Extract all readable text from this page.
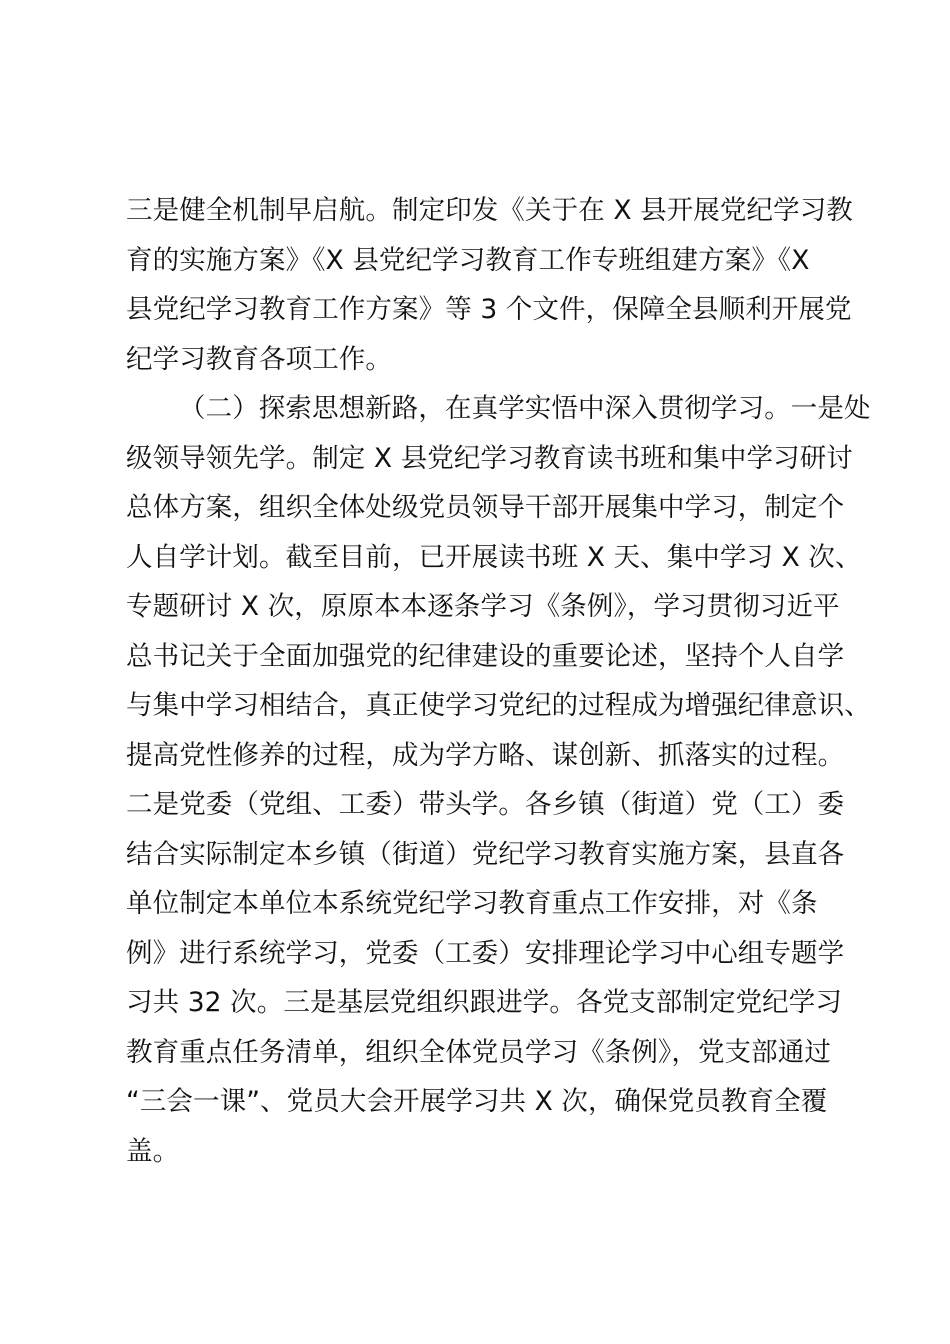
三是健全机制早启航。制定印发《关于在 X 县开展党纪学习教
育的实施方案》《X 县党纪学习教育工作专班组建方案》《X
县党纪学习教育工作方案》等 3 个文件，保障全县顺利开展党
纪学习教育各项工作。
（二）探索思想新路，在真学实悟中深入贯彻学习。一是处
级领导领先学。制定 X 县党纪学习教育读书班和集中学习研讨
总体方案，组织全体处级党员领导干部开展集中学习，制定个
人自学计划。截至目前，已开展读书班 X 天、集中学习 X 次、
专题研讨 X 次，原原本本逐条学习《条例》，学习贯彻习近平
总书记关于全面加强党的纪律建设的重要论述，坚持个人自学
与集中学习相结合，真正使学习党纪的过程成为增强纪律意识、
提高党性修养的过程，成为学方略、谋创新、抓落实的过程。
二是党委（党组、工委）带头学。各乡镇（街道）党（工）委
结合实际制定本乡镇（街道）党纪学习教育实施方案，县直各
单位制定本单位本系统党纪学习教育重点工作安排，对《条
例》进行系统学习，党委（工委）安排理论学习中心组专题学
习共 32 次。三是基层党组织跟进学。各党支部制定党纪学习
教育重点任务清单，组织全体党员学习《条例》，党支部通过
“三会一课”、党员大会开展学习共 X 次，确保党员教育全覆
盖。
